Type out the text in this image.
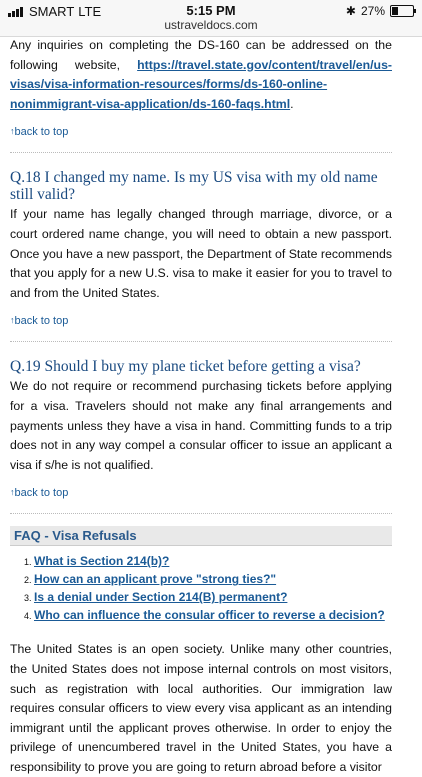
SMART LTE	5:15 PM
ustraveldocs.com
✱ 27%

Any inquiries on completing the DS-160 can be addressed on the following website, https://travel.state.gov/content/travel/en/us-visas/visa-information-resources/forms/ds-160-online-nonimmigrant-visa-application/ds-160-faqs.html.

↑back to top
Q.18 I changed my name. Is my US visa with my old name still valid?

If your name has legally changed through marriage, divorce, or a court ordered name change, you will need to obtain a new passport. Once you have a new passport, the Department of State recommends that you apply for a new U.S. visa to make it easier for you to travel to and from the United States.

↑back to top
Q.19 Should I buy my plane ticket before getting a visa?

We do not require or recommend purchasing tickets before applying for a visa. Travelers should not make any final arrangements and payments unless they have a visa in hand. Committing funds to a trip does not in any way compel a consular officer to issue an applicant a visa if s/he is not qualified.

↑back to top
FAQ - Visa Refusals
1. What is Section 214(b)?
2. How can an applicant prove "strong ties?"
3. Is a denial under Section 214(B) permanent?
4. Who can influence the consular officer to reverse a decision?

The United States is an open society. Unlike many other countries, the United States does not impose internal controls on most visitors, such as registration with local authorities. Our immigration law requires consular officers to view every visa applicant as an intending immigrant until the applicant proves otherwise. In order to enjoy the privilege of unencumbered travel in the United States, you have a responsibility to prove you are going to return abroad before a visitor
